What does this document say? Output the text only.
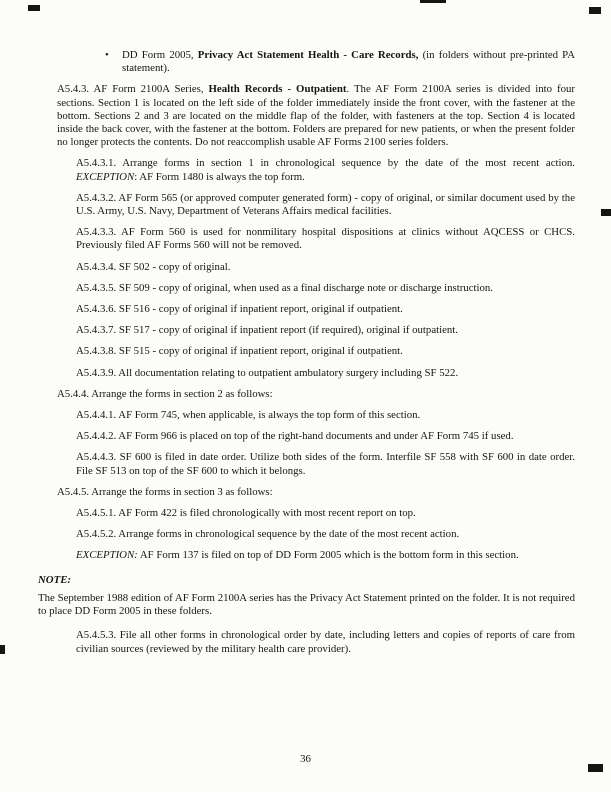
• DD Form 2005, Privacy Act Statement Health - Care Records, (in folders without pre-printed PA statement).

A5.4.3. AF Form 2100A Series, Health Records - Outpatient. The AF Form 2100A series is divided into four sections. Section 1 is located on the left side of the folder immediately inside the front cover, with the fastener at the bottom. Sections 2 and 3 are located on the middle flap of the folder, with fasteners at the top. Section 4 is located inside the back cover, with the fastener at the bottom. Folders are prepared for new patients, or when the present folder no longer protects the contents. Do not reaccomplish usable AF Forms 2100 series folders.

A5.4.3.1. Arrange forms in section 1 in chronological sequence by the date of the most recent action. EXCEPTION: AF Form 1480 is always the top form.

A5.4.3.2. AF Form 565 (or approved computer generated form) - copy of original, or similar document used by the U.S. Army, U.S. Navy, Department of Veterans Affairs medical facilities.

A5.4.3.3. AF Form 560 is used for nonmilitary hospital dispositions at clinics without AQCESS or CHCS. Previously filed AF Forms 560 will not be removed.

A5.4.3.4. SF 502 - copy of original.

A5.4.3.5. SF 509 - copy of original, when used as a final discharge note or discharge instruction.

A5.4.3.6. SF 516 - copy of original if inpatient report, original if outpatient.

A5.4.3.7. SF 517 - copy of original if inpatient report (if required), original if outpatient.

A5.4.3.8. SF 515 - copy of original if inpatient report, original if outpatient.

A5.4.3.9. All documentation relating to outpatient ambulatory surgery including SF 522.

A5.4.4. Arrange the forms in section 2 as follows:

A5.4.4.1. AF Form 745, when applicable, is always the top form of this section.

A5.4.4.2. AF Form 966 is placed on top of the right-hand documents and under AF Form 745 if used.

A5.4.4.3. SF 600 is filed in date order. Utilize both sides of the form. Interfile SF 558 with SF 600 in date order. File SF 513 on top of the SF 600 to which it belongs.

A5.4.5. Arrange the forms in section 3 as follows:

A5.4.5.1. AF Form 422 is filed chronologically with most recent report on top.

A5.4.5.2. Arrange forms in chronological sequence by the date of the most recent action.

EXCEPTION: AF Form 137 is filed on top of DD Form 2005 which is the bottom form in this section.

NOTE:

The September 1988 edition of AF Form 2100A series has the Privacy Act Statement printed on the folder. It is not required to place DD Form 2005 in these folders.

A5.4.5.3. File all other forms in chronological order by date, including letters and copies of reports of care from civilian sources (reviewed by the military health care provider).

36
